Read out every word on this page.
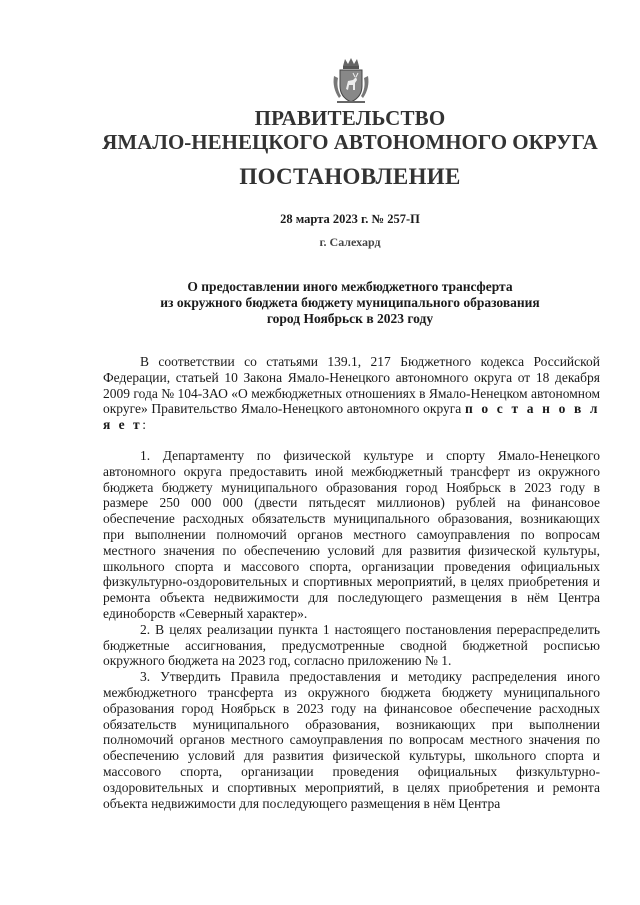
ПРАВИТЕЛЬСТВО
ЯМАЛО-НЕНЕЦКОГО АВТОНОМНОГО ОКРУГА
ПОСТАНОВЛЕНИЕ
28 марта 2023 г. № 257-П
г. Салехард
О предоставлении иного межбюджетного трансферта
из окружного бюджета бюджету муниципального образования
город Ноябрьск в 2023 году

В соответствии со статьями 139.1, 217 Бюджетного кодекса Российской Федерации, статьей 10 Закона Ямало-Ненецкого автономного округа от 18 декабря 2009 года № 104-ЗАО «О межбюджетных отношениях в Ямало-Ненецком автономном округе» Правительство Ямало-Ненецкого автономного округа п о с т а н о в л я е т:

1. Департаменту по физической культуре и спорту Ямало-Ненецкого автономного округа предоставить иной межбюджетный трансферт из окружного бюджета бюджету муниципального образования город Ноябрьск в 2023 году в размере 250 000 000 (двести пятьдесят миллионов) рублей на финансовое обеспечение расходных обязательств муниципального образования, возникающих при выполнении полномочий органов местного самоуправления по вопросам местного значения по обеспечению условий для развития физической культуры, школьного спорта и массового спорта, организации проведения официальных физкультурно-оздоровительных и спортивных мероприятий, в целях приобретения и ремонта объекта недвижимости для последующего размещения в нём Центра единоборств «Северный характер».

2. В целях реализации пункта 1 настоящего постановления перераспределить бюджетные ассигнования, предусмотренные сводной бюджетной росписью окружного бюджета на 2023 год, согласно приложению № 1.

3. Утвердить Правила предоставления и методику распределения иного межбюджетного трансферта из окружного бюджета бюджету муниципального образования город Ноябрьск в 2023 году на финансовое обеспечение расходных обязательств муниципального образования, возникающих при выполнении полномочий органов местного самоуправления по вопросам местного значения по обеспечению условий для развития физической культуры, школьного спорта и массового спорта, организации проведения официальных физкультурно-оздоровительных и спортивных мероприятий, в целях приобретения и ремонта объекта недвижимости для последующего размещения в нём Центра
